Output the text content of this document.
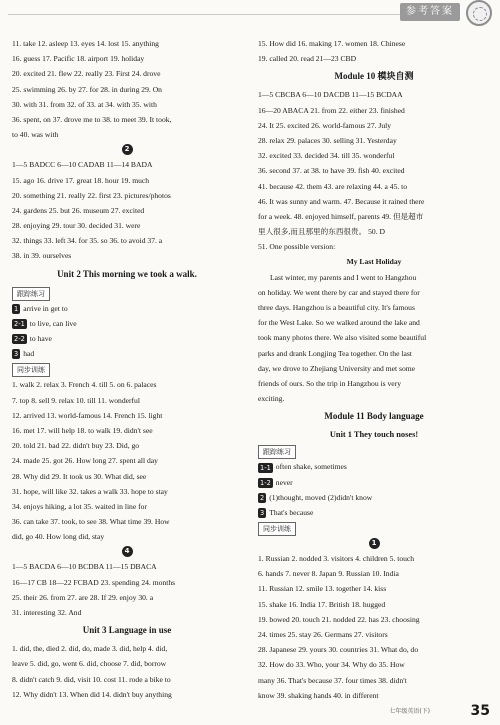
参考答案
11. take 12. asleep 13. eyes 14. lost 15. anything
16. guess 17. Pacific 18. airport 19. holiday
20. excited 21. flew 22. really 23. First 24. drove
25. swimming 26. by 27. for 28. in during 29. On
30. with 31. from 32. of 33. at 34. with 35. with
36. spent, on 37. drove me to 38. to meet 39. It took,
to 40. was with
2
1—5 BADCC 6—10 CADAB 11—14 BADA
15. ago 16. drive 17. great 18. hour 19. much
20. something 21. really 22. first 23. pictures/photos
24. gardens 25. but 26. museum 27. excited
28. enjoying 29. tour 30. decided 31. were
32. things 33. left 34. for 35. so 36. to avoid 37. a
38. in 39. ourselves
Unit 2 This morning we took a walk.
跟踪练习
1 arrive in get to
2-1 to live, can live
2-2 to have
3 had
同步训练
1. walk 2. relax 3. French 4. till 5. on 6. palaces
7. top 8. sell 9. relax 10. till 11. wonderful
12. arrived 13. world-famous 14. French 15. light
16. met 17. will help 18. to walk 19. didn't see
20. told 21. bad 22. didn't buy 23. Did, go
24. made 25. got 26. How long 27. spent all day
28. Why did 29. It took us 30. What did, see
31. hope, will like 32. takes a walk 33. hope to stay
34. enjoys hiking, a lot 35. waited in line for
36. can take 37. took, to see 38. What time 39. How
did, go 40. How long did, stay
4
1—5 BACDA 6—10 BCDBA 11—15 DBACA
16—17 CB 18—22 FCBAD 23. spending 24. months
25. their 26. from 27. are 28. If 29. enjoy 30. a
31. interesting 32. And
Unit 3 Language in use
1. did, the, died 2. did, do, made 3. did, help 4. did,
leave 5. did, go, went 6. did, choose 7. did, borrow
8. didn't catch 9. did, visit 10. cost 11. rode a bike to
12. Why didn't 13. When did 14. didn't buy anything
15. How did 16. making 17. women 18. Chinese
19. called 20. read 21—23 CBD
Module 10 模块自测
1—5 CBCBA 6—10 DACDB 11—15 BCDAA
16—20 ABACA 21. from 22. either 23. finished
24. It 25. excited 26. world-famous 27. July
28. relax 29. palaces 30. selling 31. Yesterday
32. excited 33. decided 34. till 35. wonderful
36. second 37. at 38. to have 39. fish 40. excited
41. because 42. them 43. are relaxing 44. a 45. to
46. It was sunny and warm. 47. Because it rained there
for a week. 48. enjoyed himself, parents 49. 但是超市
里人很多,而且那里的东西很贵。 50. D
51. One possible version:
My Last Holiday
Last winter, my parents and I went to Hangzhou
on holiday. We went there by car and stayed there for
three days. Hangzhou is a beautiful city. It's famous
for the West Lake. So we walked around the lake and
took many photos there. We also visited some beautiful
parks and drank Longjing Tea together. On the last
day, we drove to Zhejiang University and met some
friends of ours. So the trip in Hangzhou is very
exciting.
Module 11 Body language
Unit 1 They touch noses!
跟踪练习
1-1 often shake, sometimes
1-2 never
2 (1)thought, moved (2)didn't know
3 That's because
同步训练
1
1. Russian 2. nodded 3. visitors 4. children 5. touch
6. hands 7. never 8. Japan 9. Russian 10. India
11. Russian 12. smile 13. together 14. kiss
15. shake 16. India 17. British 18. hugged
19. bowed 20. touch 21. nodded 22. has 23. choosing
24. times 25. stay 26. Germans 27. visitors
28. Japanese 29. yours 30. countries 31. What do, do
32. How do 33. Who, your 34. Why do 35. How
many 36. That's because 37. four times 38. didn't
know 39. shaking hands 40. in different
七年级英语(下)	35
